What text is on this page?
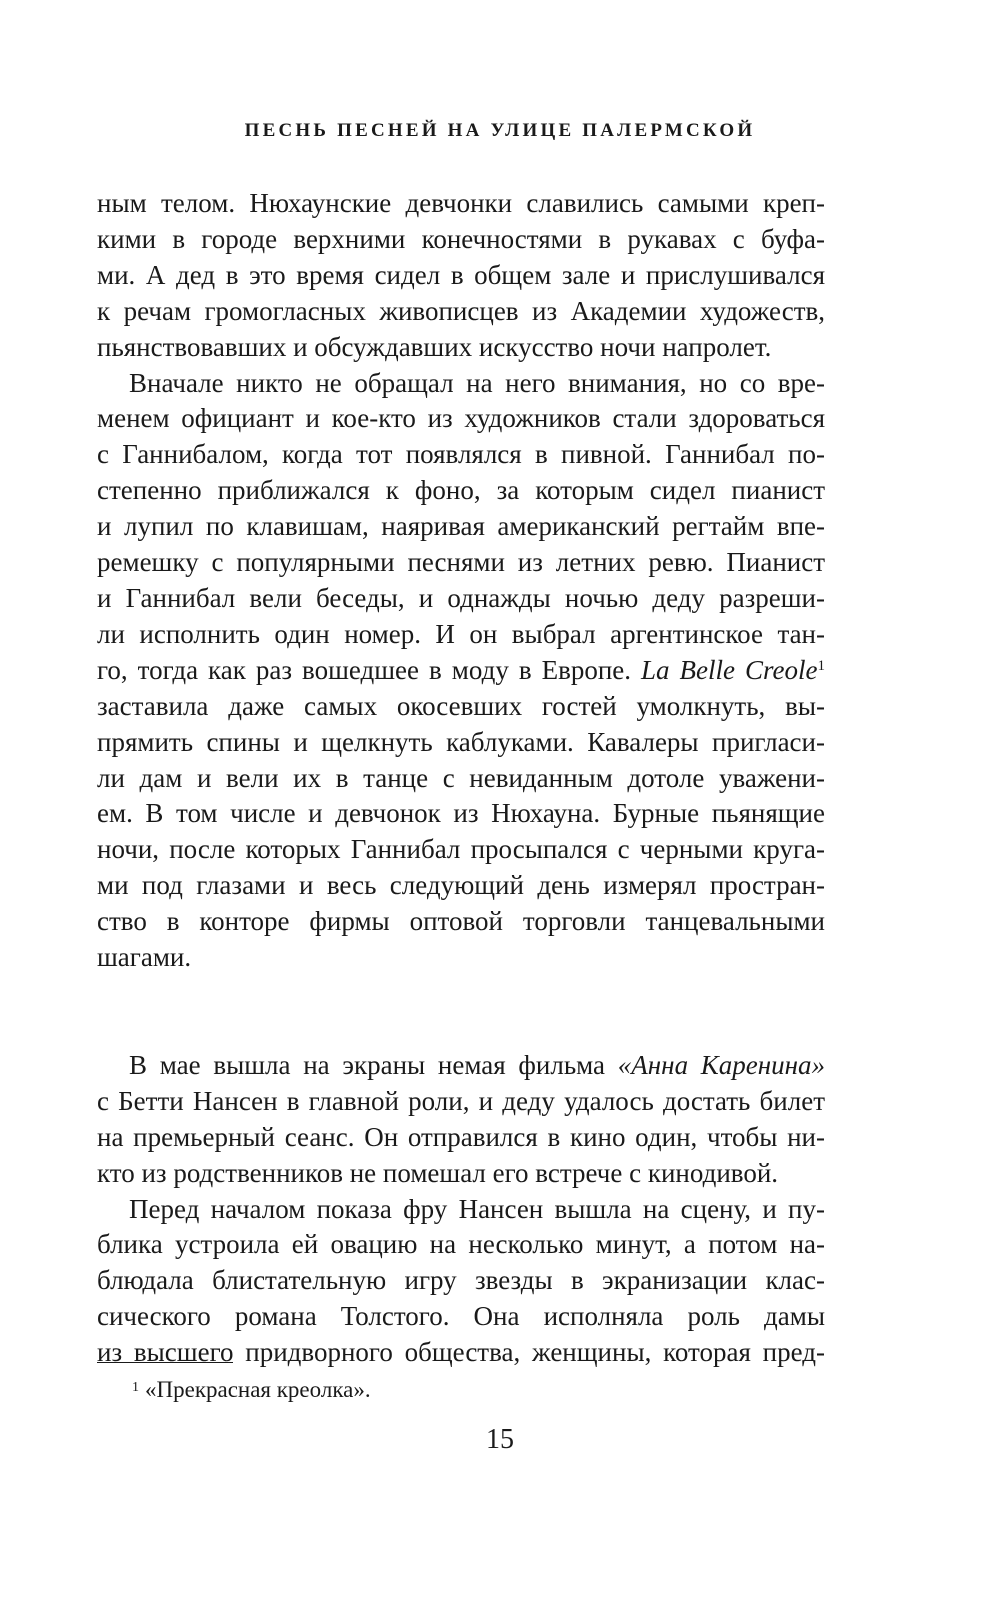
ПЕСНЬ ПЕСНЕЙ НА УЛИЦЕ ПАЛЕРМСКОЙ
ным телом. Нюхаунские девчонки славились самыми креп-
кими в городе верхними конечностями в рукавах с буфа-
ми. А дед в это время сидел в общем зале и прислушивался
к речам громогласных живописцев из Академии художеств,
пьянствовавших и обсуждавших искусство ночи напролет.
Вначале никто не обращал на него внимания, но со вре-
менем официант и кое-кто из художников стали здороваться
с Ганнибалом, когда тот появлялся в пивной. Ганнибал по-
степенно приближался к фоно, за которым сидел пианист
и лупил по клавишам, наяривая американский регтайм впе-
ремешку с популярными песнями из летних ревю. Пианист
и Ганнибал вели беседы, и однажды ночью деду разреши-
ли исполнить один номер. И он выбрал аргентинское тан-
го, тогда как раз вошедшее в моду в Европе. La Belle Creole$^1$
заставила даже самых окосевших гостей умолкнуть, вы-
прямить спины и щелкнуть каблуками. Кавалеры пригласи-
ли дам и вели их в танце с невиданным дотоле уважени-
ем. В том числе и девчонок из Нюхауна. Бурные пьянящие
ночи, после которых Ганнибал просыпался с черными круга-
ми под глазами и весь следующий день измерял простран-
ство в конторе фирмы оптовой торговли танцевальными
шагами.
В мае вышла на экраны немая фильма «Анна Каренина»
с Бетти Нансен в главной роли, и деду удалось достать билет
на премьерный сеанс. Он отправился в кино один, чтобы ни-
кто из родственников не помешал его встрече с кинодивой.
Перед началом показа фру Нансен вышла на сцену, и пу-
блика устроила ей овацию на несколько минут, а потом на-
блюдала блистательную игру звезды в экранизации клас-
сического романа Толстого. Она исполняла роль дамы
из высшего придворного общества, женщины, которая пред-
$^1$ «Прекрасная креолка».
15
